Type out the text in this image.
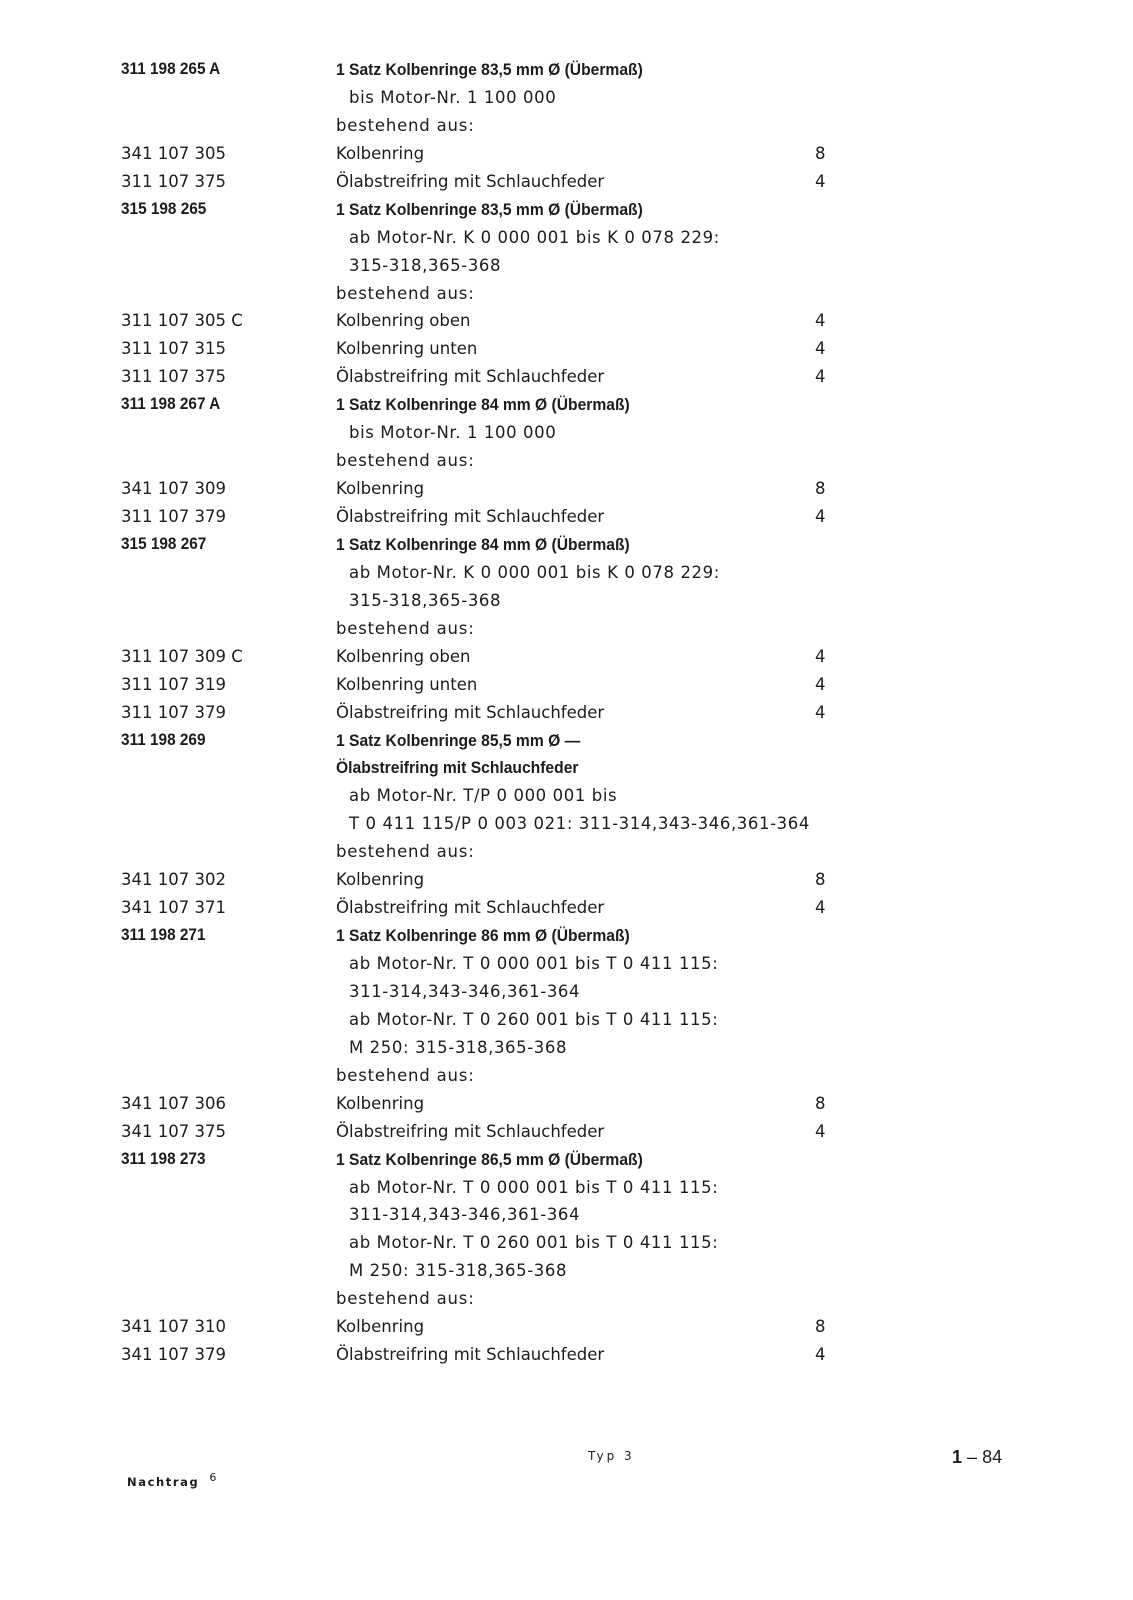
311 198 265 A	1 Satz Kolbenringe 83,5 mm Ø (Übermaß)
bis Motor-Nr. 1 100 000
bestehend aus:
341 107 305	Kolbenring	8
311 107 375	Ölabstreifring mit Schlauchfeder	4
315 198 265	1 Satz Kolbenringe 83,5 mm Ø (Übermaß)
ab Motor-Nr. K 0 000 001 bis K 0 078 229:
315-318,365-368
bestehend aus:
311 107 305 C	Kolbenring oben	4
311 107 315	Kolbenring unten	4
311 107 375	Ölabstreifring mit Schlauchfeder	4
311 198 267 A	1 Satz Kolbenringe 84 mm Ø (Übermaß)
bis Motor-Nr. 1 100 000
bestehend aus:
341 107 309	Kolbenring	8
311 107 379	Ölabstreifring mit Schlauchfeder	4
315 198 267	1 Satz Kolbenringe 84 mm Ø (Übermaß)
ab Motor-Nr. K 0 000 001 bis K 0 078 229:
315-318,365-368
bestehend aus:
311 107 309 C	Kolbenring oben	4
311 107 319	Kolbenring unten	4
311 107 379	Ölabstreifring mit Schlauchfeder	4
311 198 269	1 Satz Kolbenringe 85,5 mm Ø —
Ölabstreifring mit Schlauchfeder
ab Motor-Nr. T/P 0 000 001 bis
T 0 411 115/P 0 003 021: 311-314,343-346,361-364
bestehend aus:
341 107 302	Kolbenring	8
341 107 371	Ölabstreifring mit Schlauchfeder	4
311 198 271	1 Satz Kolbenringe 86 mm Ø (Übermaß)
ab Motor-Nr. T 0 000 001 bis T 0 411 115:
311-314,343-346,361-364
ab Motor-Nr. T 0 260 001 bis T 0 411 115:
M 250: 315-318,365-368
bestehend aus:
341 107 306	Kolbenring	8
341 107 375	Ölabstreifring mit Schlauchfeder	4
311 198 273	1 Satz Kolbenringe 86,5 mm Ø (Übermaß)
ab Motor-Nr. T 0 000 001 bis T 0 411 115:
311-314,343-346,361-364
ab Motor-Nr. T 0 260 001 bis T 0 411 115:
M 250: 315-318,365-368
bestehend aus:
341 107 310	Kolbenring	8
341 107 379	Ölabstreifring mit Schlauchfeder	4
Nachtrag 6
Typ 3	1 – 84
